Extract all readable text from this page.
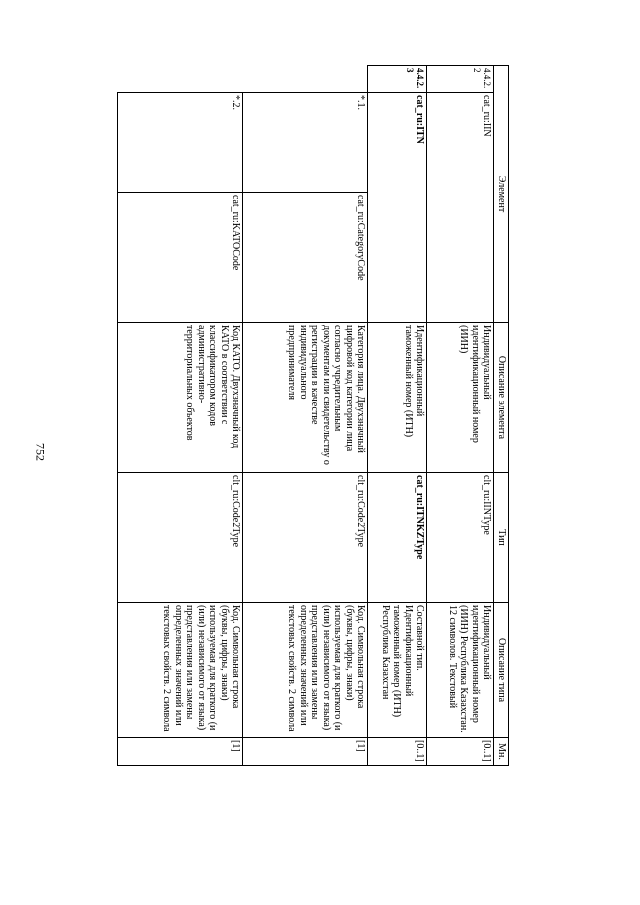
752
Элемент			Описание элемента	Тип	Описание типа	Мн.
4.4.2.2	cat_ru:IIN		Индивидуальный идентификационный номер (ИИН)	clt_ru:IINType	Индивидуальный идентификационный номер (ИИН) Республика Казахстан. 12 символов. Текстовый	[0..1]
4.4.2.3	cat_ru:ITN		Идентификационный таможенный номер (ИТН)	cat_ru:ITNKZType	Составной тип. Идентификационный таможенный номер (ИТН) Республика Казахстан	[0..1]
	*.1.	cat_ru:CategoryCode	Категория лица. Двухзначный цифровой код категории лица согласно учредительным документам или свидетельству о регистрации в качестве индивидуального предпринимателя	clt_ru:Code2Type	Код. Символьная строка (буквы, цифры, знаки) используемая для краткого (и (или) независимого от языка) представления или замены определенных значений или текстовых свойств. 2 символа	[1]
	*.2.	cat_ru:KATOCode	Код КАТО. Двухзначный код КАТО в соответствии с классификатором кодов административно-территориальных объектов	clt_ru:Code2Type	Код. Символьная строка (буквы, цифры, знаки) используемая для краткого (и (или) независимого от языка) представления или замены определенных значений или текстовых свойств. 2 символа	[1]
